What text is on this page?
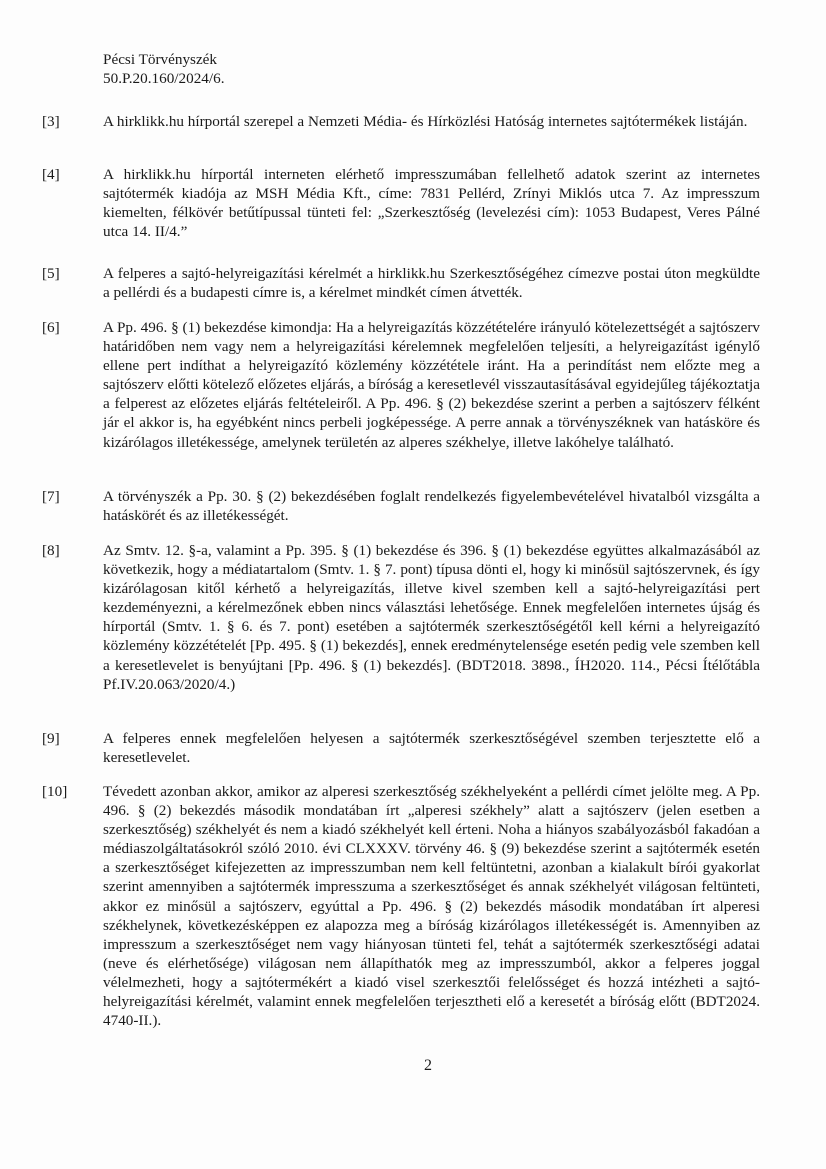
Pécsi Törvényszék
50.P.20.160/2024/6.
[3]	A hirklikk.hu hírportál szerepel a Nemzeti Média- és Hírközlési Hatóság internetes sajtótermékek listáján.
[4]	A hirklikk.hu hírportál interneten elérhető impresszumában fellelhető adatok szerint az internetes sajtótermék kiadója az MSH Média Kft., címe: 7831 Pellérd, Zrínyi Miklós utca 7. Az impresszum kiemelten, félkövér betűtípussal tünteti fel: „Szerkesztőség (levelezési cím): 1053 Budapest, Veres Pálné utca 14. II/4.”
[5]	A felperes a sajtó-helyreigazítási kérelmét a hirklikk.hu Szerkesztőségéhez címezve postai úton megküldte a pellérdi és a budapesti címre is, a kérelmet mindkét címen átvették.
[6]	A Pp. 496. § (1) bekezdése kimondja: Ha a helyreigazítás közzétételére irányuló kötelezettségét a sajtószerv határidőben nem vagy nem a helyreigazítási kérelemnek megfelelően teljesíti, a helyreigazítást igénylő ellene pert indíthat a helyreigazító közlemény közzététele iránt. Ha a perindítást nem előzte meg a sajtószerv előtti kötelező előzetes eljárás, a bíróság a keresetlevél visszautasításával egyidejűleg tájékoztatja a felperest az előzetes eljárás feltételeiről. A Pp. 496. § (2) bekezdése szerint a perben a sajtószerv félként jár el akkor is, ha egyébként nincs perbeli jogképessége. A perre annak a törvényszéknek van hatásköre és kizárólagos illetékessége, amelynek területén az alperes székhelye, illetve lakóhelye található.
[7]	A törvényszék a Pp. 30. § (2) bekezdésében foglalt rendelkezés figyelembevételével hivatalból vizsgálta a hatáskörét és az illetékességét.
[8]	Az Smtv. 12. §-a, valamint a Pp. 395. § (1) bekezdése és 396. § (1) bekezdése együttes alkalmazásából az következik, hogy a médiatartalom (Smtv. 1. § 7. pont) típusa dönti el, hogy ki minősül sajtószervnek, és így kizárólagosan kitől kérhető a helyreigazítás, illetve kivel szemben kell a sajtó-helyreigazítási pert kezdeményezni, a kérelmezőnek ebben nincs választási lehetősége. Ennek megfelelően internetes újság és hírportál (Smtv. 1. § 6. és 7. pont) esetében a sajtótermék szerkesztőségétől kell kérni a helyreigazító közlemény közzétételét [Pp. 495. § (1) bekezdés], ennek eredménytelensége esetén pedig vele szemben kell a keresetlevelet is benyújtani [Pp. 496. § (1) bekezdés]. (BDT2018. 3898., ÍH2020. 114., Pécsi Ítélőtábla Pf.IV.20.063/2020/4.)
[9]	A felperes ennek megfelelően helyesen a sajtótermék szerkesztőségével szemben terjesztette elő a keresetlevelet.
[10] Tévedett azonban akkor, amikor az alperesi szerkesztőség székhelyeként a pellérdi címet jelölte meg. A Pp. 496. § (2) bekezdés második mondatában írt „alperesi székhely” alatt a sajtószerv (jelen esetben a szerkesztőség) székhelyét és nem a kiadó székhelyét kell érteni. Noha a hiányos szabályozásból fakadóan a médiaszolgáltatásokról szóló 2010. évi CLXXXV. törvény 46. § (9) bekezdése szerint a sajtótermék esetén a szerkesztőséget kifejezetten az impresszumban nem kell feltüntetni, azonban a kialakult bírói gyakorlat szerint amennyiben a sajtótermék impresszuma a szerkesztőséget és annak székhelyét világosan feltünteti, akkor ez minősül a sajtószerv, egyúttal a Pp. 496. § (2) bekezdés második mondatában írt alperesi székhelynek, következésképpen ez alapozza meg a bíróság kizárólagos illetékességét is. Amennyiben az impresszum a szerkesztőséget nem vagy hiányosan tünteti fel, tehát a sajtótermék szerkesztőségi adatai (neve és elérhetősége) világosan nem állapíthatók meg az impresszumból, akkor a felperes joggal vélelmezheti, hogy a sajtótermékért a kiadó visel szerkesztői felelősséget és hozzá intézheti a sajtó-helyreigazítási kérelmét, valamint ennek megfelelően terjesztheti elő a keresetét a bíróság előtt (BDT2024. 4740-II.).
2
